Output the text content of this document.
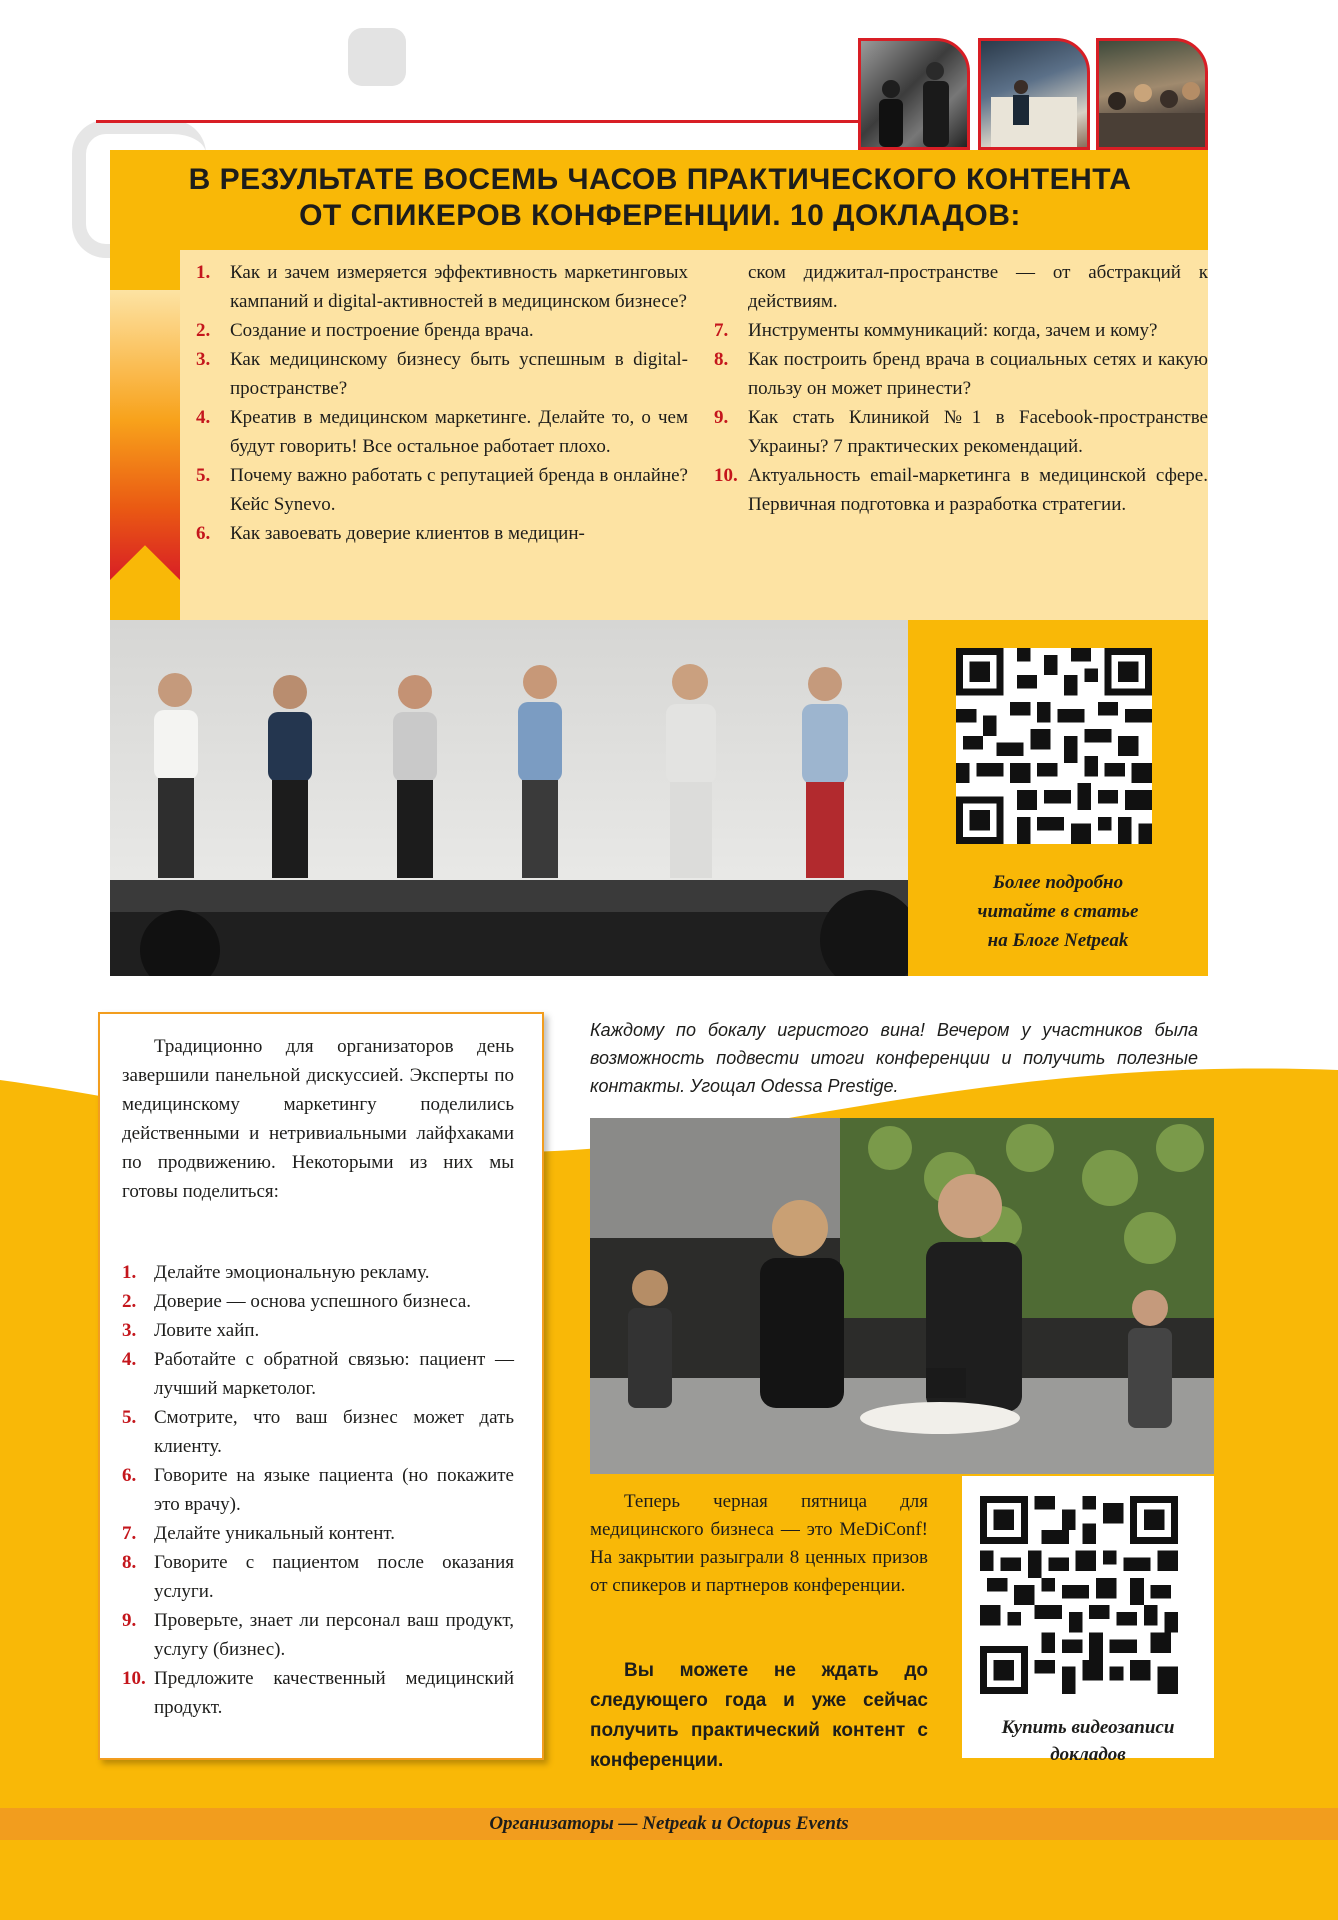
В РЕЗУЛЬТАТЕ ВОСЕМЬ ЧАСОВ ПРАКТИЧЕСКОГО КОНТЕНТА
ОТ СПИКЕРОВ КОНФЕРЕНЦИИ. 10 ДОКЛАДОВ:
1. Как и зачем измеряется эффективность маркетинговых кампаний и digital-активностей в медицинском бизнесе?
2. Создание и построение бренда врача.
3. Как медицинскому бизнесу быть успешным в digital-пространстве?
4. Креатив в медицинском маркетинге. Делайте то, о чем будут говорить! Все остальное работает плохо.
5. Почему важно работать с репутацией бренда в онлайне? Кейс Synevo.
6. Как завоевать доверие клиентов в медицин-
ском диджитал-пространстве — от абстракций к действиям.
7. Инструменты коммуникаций: когда, зачем и кому?
8. Как построить бренд врача в социальных сетях и какую пользу он может принести?
9. Как стать Клиникой №1 в Facebook-пространстве Украины? 7 практических рекомендаций.
10. Актуальность email-маркетинга в медицинской сфере. Первичная подготовка и разработка стратегии.
Более подробно
читайте в статье
на Блоге Netpeak
Традиционно для организаторов день завершили панельной дискуссией. Эксперты по медицинскому маркетингу поделились действенными и нетривиальными лайфхаками по продвижению. Некоторыми из них мы готовы поделиться:
1. Делайте эмоциональную рекламу.
2. Доверие — основа успешного бизнеса.
3. Ловите хайп.
4. Работайте с обратной связью: пациент — лучший маркетолог.
5. Смотрите, что ваш бизнес может дать клиенту.
6. Говорите на языке пациента (но покажите это врачу).
7. Делайте уникальный контент.
8. Говорите с пациентом после оказания услуги.
9. Проверьте, знает ли персонал ваш продукт, услугу (бизнес).
10. Предложите качественный медицинский продукт.
Каждому по бокалу игристого вина! Вечером у участников была возможность подвести итоги конференции и получить полезные контакты. Угощал Odessa Prestige.
Теперь черная пятница для медицинского бизнеса — это MeDiConf! На закрытии разыграли 8 ценных призов от спикеров и партнеров конференции.
Вы можете не ждать до следующего года и уже сейчас получить практический контент с конференции.
Купить видеозаписи
докладов
Организаторы — Netpeak и Octopus Events
